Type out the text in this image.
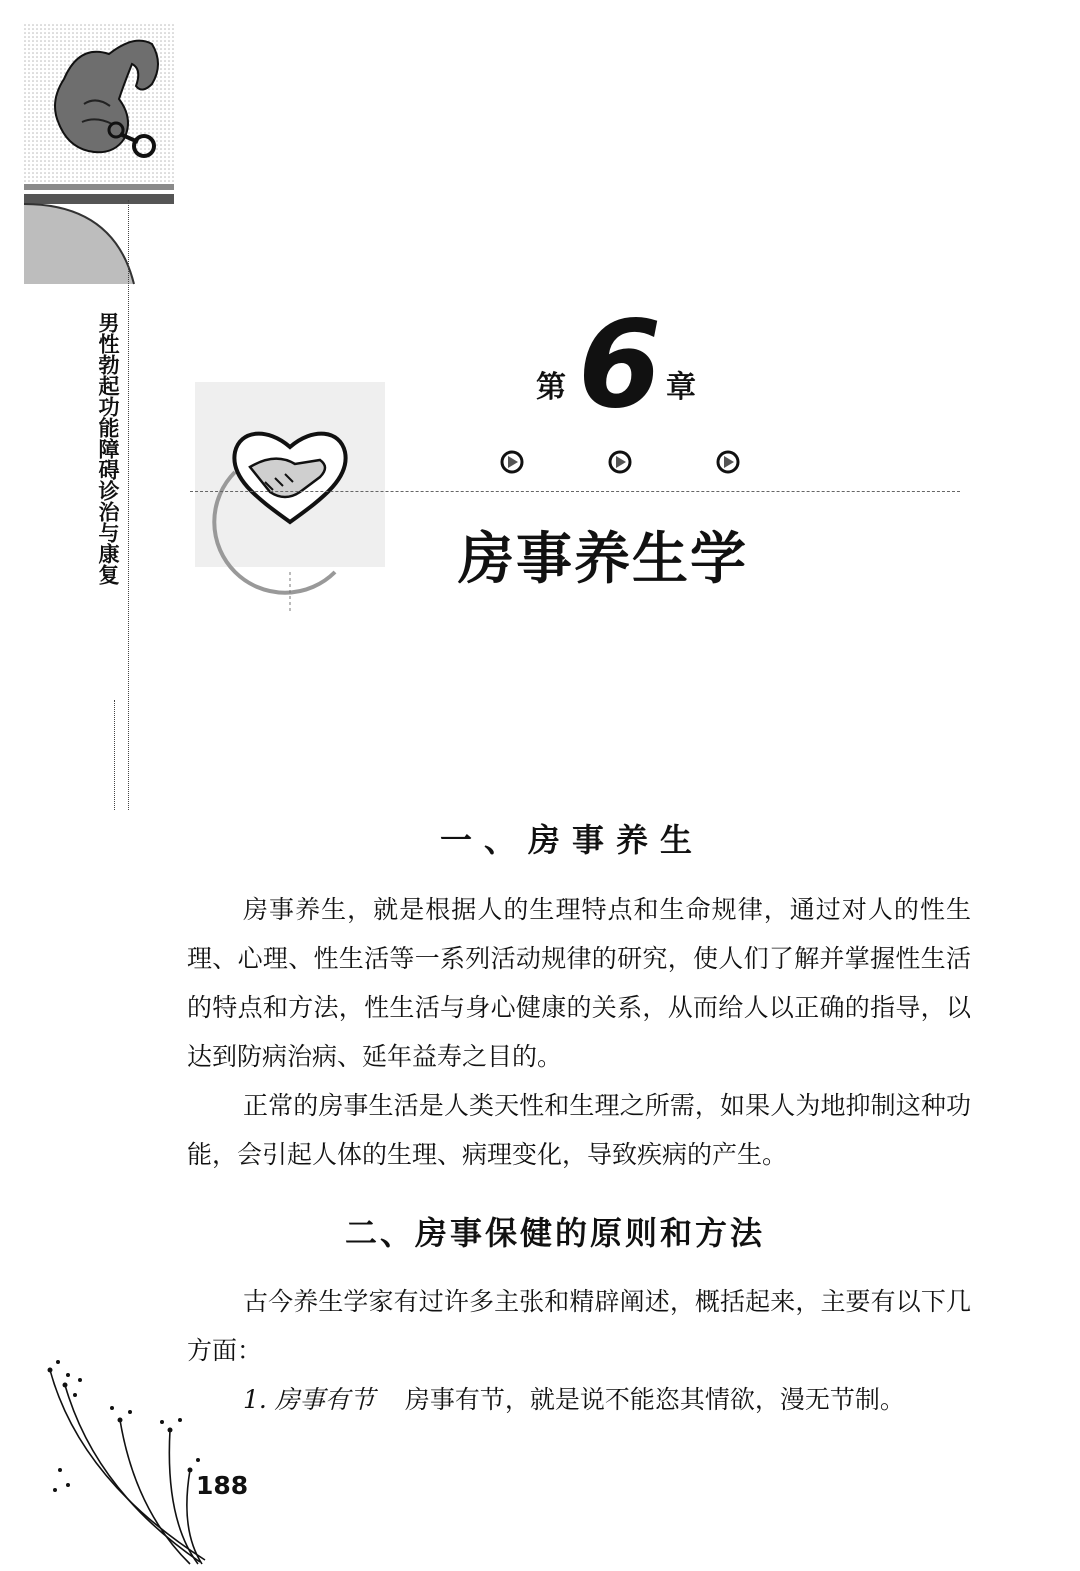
男性勃起功能障碍诊治与康复	第 6 章
房事养生学
一、房事养生

房事养生，就是根据人的生理特点和生命规律，通过对人的性生理、心理、性生活等一系列活动规律的研究，使人们了解并掌握性生活的特点和方法，性生活与身心健康的关系，从而给人以正确的指导，以达到防病治病、延年益寿之目的。

正常的房事生活是人类天性和生理之所需，如果人为地抑制这种功能，会引起人体的生理、病理变化，导致疾病的产生。

二、房事保健的原则和方法

古今养生学家有过许多主张和精辟阐述，概括起来，主要有以下几方面：

1. 房事有节 房事有节，就是说不能恣其情欲，漫无节制。
188
